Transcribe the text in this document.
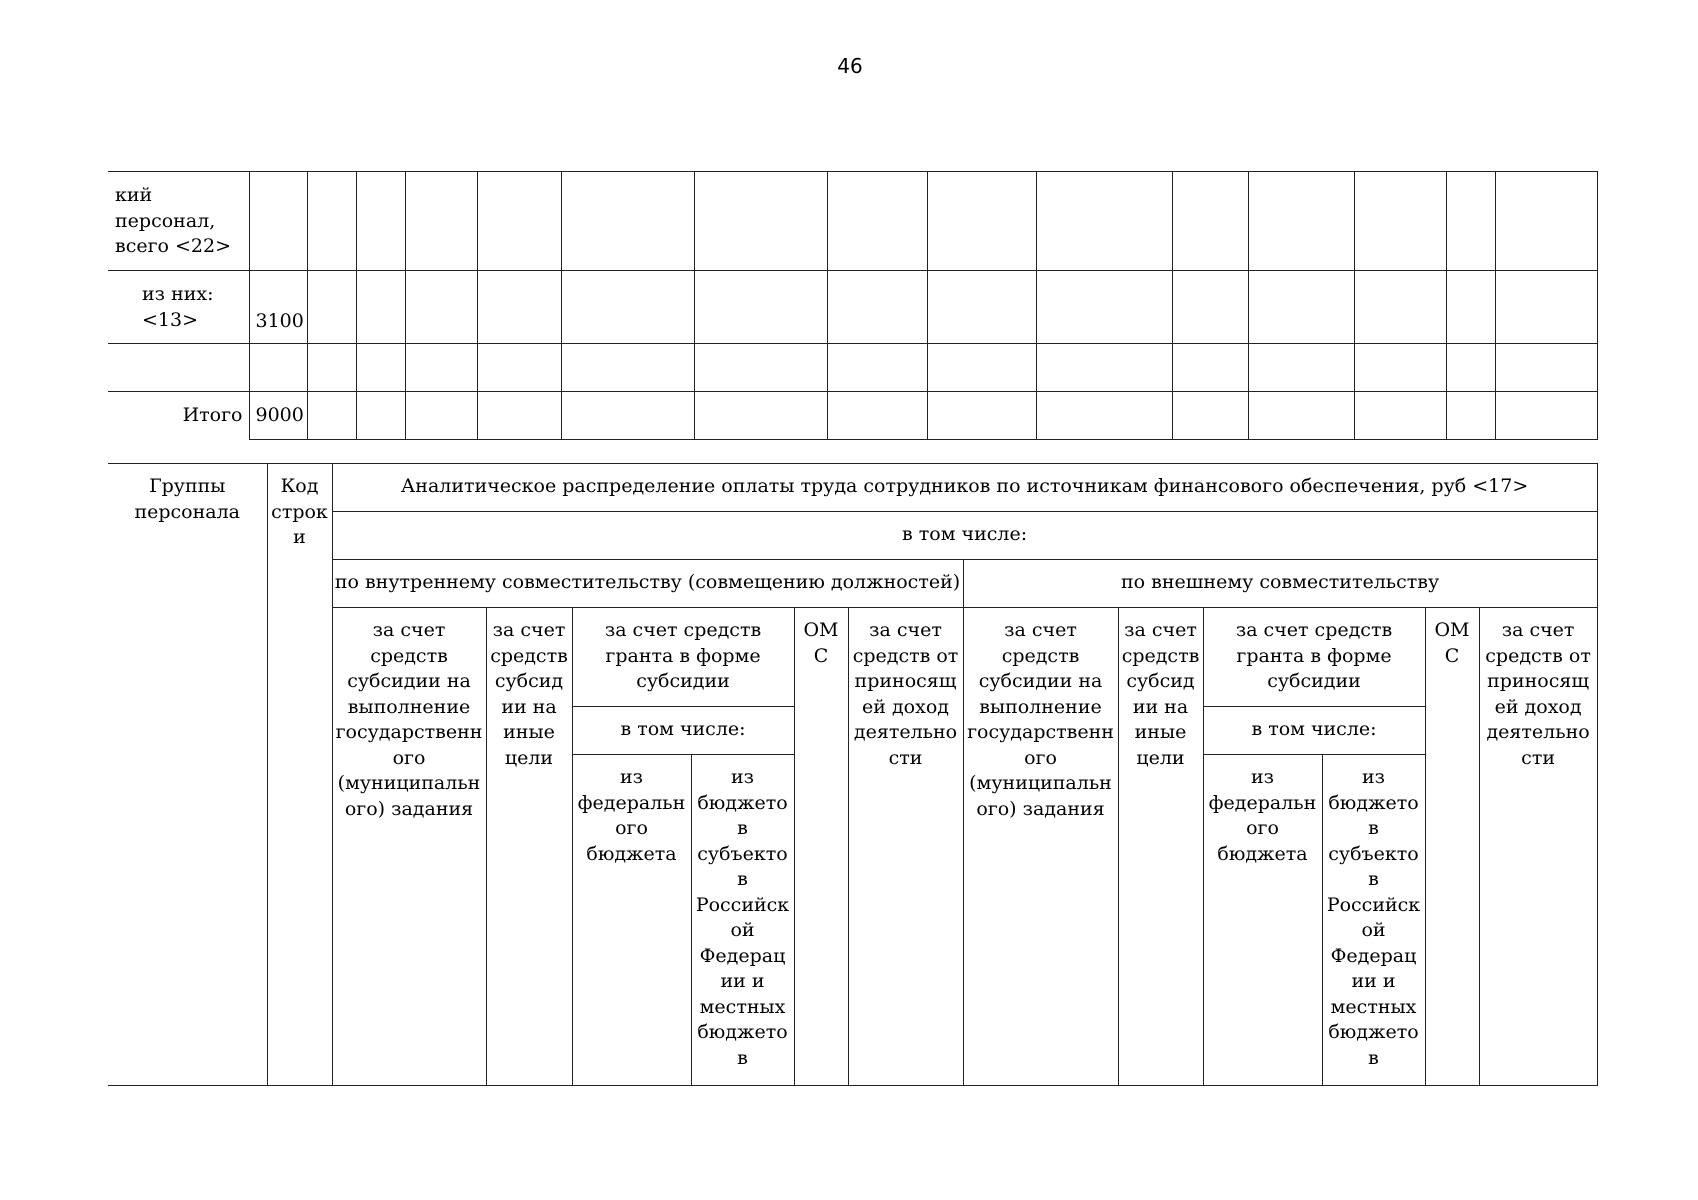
46
кий персонал, всего <22>															
из них: <13>	3100														

Итого	9000														
Группы персонала	Код строк и	Аналитическое распределение оплаты труда сотрудников по источникам финансового обеспечения, руб <17>											
		в том числе:											
		по внутреннему совместительству (совмещению должностей)						по внешнему совместительству					
		за счет средств субсидии на выполнение государственн ого (муниципальн ого) задания	за счет средств субсид ии на иные цели	за счет средств гранта в форме субсидии		ОМ С	за счет средств от приносящ ей доход деятельно сти	за счет средств субсидии на выполнение государственн ого (муниципальн ого) задания	за счет средств субсид ии на иные цели	за счет средств гранта в форме субсидии		ОМ С	за счет средств от приносящ ей доход деятельно сти
				в том числе:						в том числе:			
				из федеральн ого бюджета	из бюджето в субъекто в Российск ой Федерац ии и местных бюджето в					из федеральн ого бюджета	из бюджето в субъекто в Российск ой Федерац ии и местных бюджето в		
